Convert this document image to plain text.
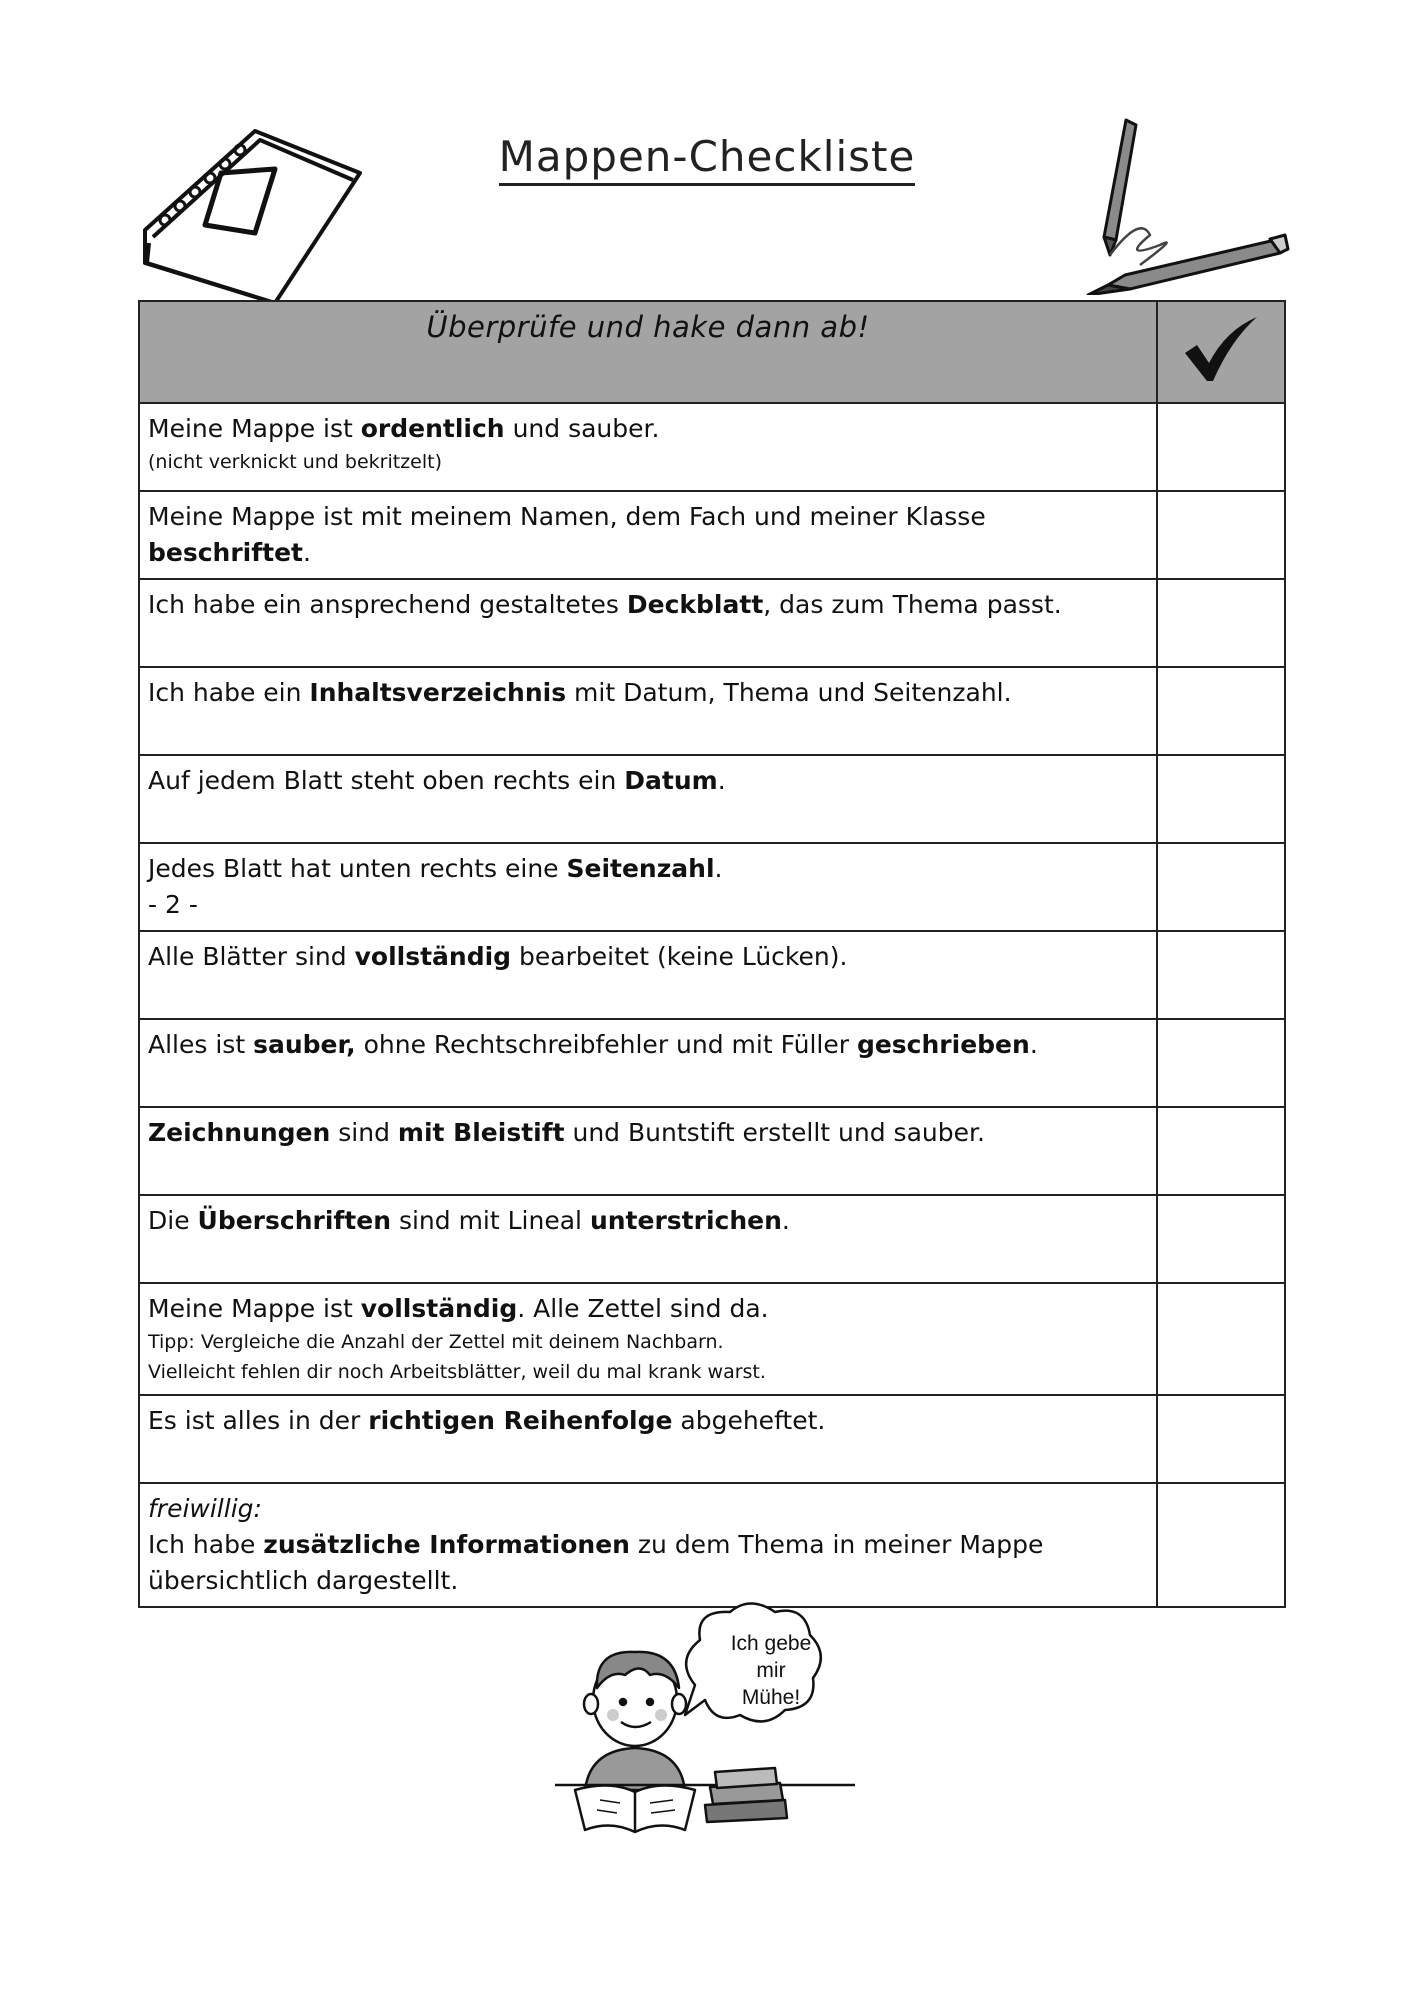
Mappen-Checkliste
Überprüfe und hake dann ab!

Meine Mappe ist ordentlich und sauber.
(nicht verknickt und bekritzelt)	

Meine Mappe ist mit meinem Namen, dem Fach und meiner Klasse beschriftet.	

Ich habe ein ansprechend gestaltetes Deckblatt, das zum Thema passt.	

Ich habe ein Inhaltsverzeichnis mit Datum, Thema und Seitenzahl.	

Auf jedem Blatt steht oben rechts ein Datum.	

Jedes Blatt hat unten rechts eine Seitenzahl.
- 2 -	

Alle Blätter sind vollständig bearbeitet (keine Lücken).	

Alles ist sauber, ohne Rechtschreibfehler und mit Füller geschrieben.	

Zeichnungen sind mit Bleistift und Buntstift erstellt und sauber.	

Die Überschriften sind mit Lineal unterstrichen.	

Meine Mappe ist vollständig. Alle Zettel sind da.
Tipp: Vergleiche die Anzahl der Zettel mit deinem Nachbarn.
Vielleicht fehlen dir noch Arbeitsblätter, weil du mal krank warst.	

Es ist alles in der richtigen Reihenfolge abgeheftet.	

freiwillig:
Ich habe zusätzliche Informationen zu dem Thema in meiner Mappe übersichtlich dargestellt.	

Ich gebe
mir
Mühe!
